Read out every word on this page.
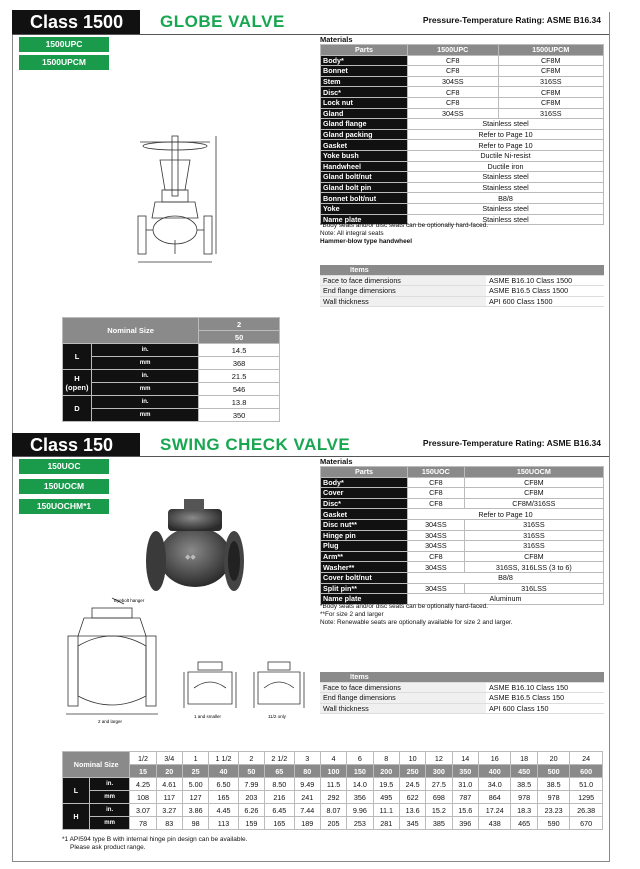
Class 1500	GLOBE VALVE	Pressure-Temperature Rating: ASME B16.34
1500UPC
1500UPCM
Materials
Parts	1500UPC	1500UPCM
Body*	CF8	CF8M
Bonnet	CF8	CF8M
Stem	304SS	316SS
Disc*	CF8	CF8M
Lock nut	CF8	CF8M
Gland	304SS	316SS
Gland flange	Stainless steel	
Gland packing	Refer to Page 10	
Gasket	Refer to Page 10	
Yoke bush	Ductile Ni-resist	
Handwheel	Ductile iron	
Gland bolt/nut	Stainless steel	
Gland bolt pin	Stainless steel	
Bonnet bolt/nut	B8/8	
Yoke	Stainless steel	
Name plate	Stainless steel	
*Body seats and/or disc seats can be optionally hard-faced.
Note: All integral seats
Hammer-blow type handwheel
Items	
Face to face dimensions	ASME B16.10 Class 1500
End flange dimensions	ASME B16.5 Class 1500
Wall thickness	API 600 Class 1500
Nominal Size		2
		50
L	in.	14.5
	mm	368
H (open)	in.	21.5
	mm	546
D	in.	13.8
	mm	350
Class 150	SWING CHECK VALVE	Pressure-Temperature Rating: ASME B16.34
150UOC
150UOCM
150UOCHM*1
Materials
Parts	150UOC	150UOCM
Body*	CF8	CF8M
Cover	CF8	CF8M
Disc*	CF8	CF8M/316SS
Gasket	Refer to Page 10	
Disc nut**	304SS	316SS
Hinge pin	304SS	316SS
Plug	304SS	316SS
Arm**	CF8	CF8M
Washer**	304SS	316SS, 316LSS (3 to 6)
Cover bolt/nut	B8/8	
Split pin**	304SS	316LSS
Name plate	Aluminum	
*Body seats and/or disc seats can be optionally hard-faced.
**For size 2 and larger
Note: Renewable seats are optionally available for size 2 and larger.
Items	
Face to face dimensions	ASME B16.10 Class 150
End flange dimensions	ASME B16.5 Class 150
Wall thickness	API 600 Class 150
◆◆
Eyebolt hanger
2 and larger
1 and smaller	11/2 only
Nominal Size		1/2	3/4	1	1 1/2	2	2 1/2	3	4	6	8	10	12	14	16	18	20	24
		15	20	25	40	50	65	80	100	150	200	250	300	350	400	450	500	600
L	in.	4.25	4.61	5.00	6.50	7.99	8.50	9.49	11.5	14.0	19.5	24.5	27.5	31.0	34.0	38.5	38.5	51.0
	mm	108	117	127	165	203	216	241	292	356	495	622	698	787	864	978	978	1295
H	in.	3.07	3.27	3.86	4.45	6.26	6.45	7.44	8.07	9.96	11.1	13.6	15.2	15.6	17.24	18.3	23.23	26.38
	mm	78	83	98	113	159	165	189	205	253	281	345	385	396	438	465	590	670
*1 API594 type B with internal hinge pin design can be available.
Please ask product range.
